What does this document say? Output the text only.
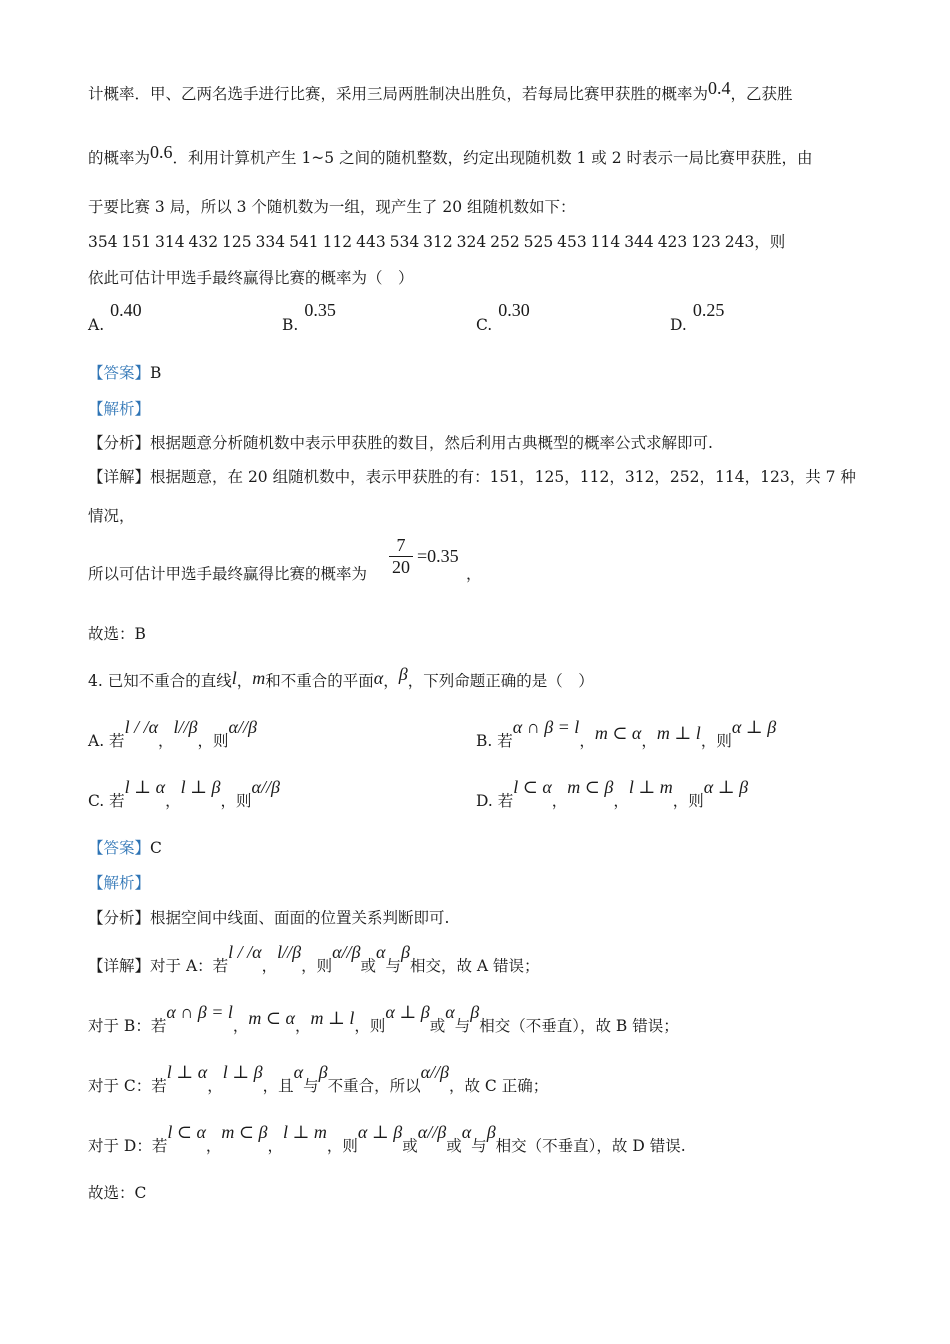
计概率．甲、乙两名选手进行比赛，采用三局两胜制决出胜负，若每局比赛甲获胜的概率为0.4，乙获胜
的概率为0.6．利用计算机产生 1~5 之间的随机整数，约定出现随机数 1 或 2 时表示一局比赛甲获胜，由
于要比赛 3 局，所以 3 个随机数为一组，现产生了 20 组随机数如下：
354 151 314 432 125 334 541 112 443 534 312 324 252 525 453 114 344 423 123 243，则
依此可估计甲选手最终赢得比赛的概率为（　）
A.0.40
B.0.35
C.0.30
D.0.25
【答案】B
【解析】
【分析】根据题意分析随机数中表示甲获胜的数目，然后利用古典概型的概率公式求解即可.
【详解】根据题意，在 20 组随机数中，表示甲获胜的有：151，125，112，312，252，114，123，共 7 种
情况，
所以可估计甲选手最终赢得比赛的概率为
7
20
=0.35
，
故选：B
4. 已知不重合的直线l，m和不重合的平面α，β，下列命题正确的是（　）
A. 若l / /α，l//β，则α//β
B. 若α ∩ β = l，m ⊂ α，m ⊥ l，则α ⊥ β
C. 若l ⊥ α，l ⊥ β，则α//β
D. 若l ⊂ α，m ⊂ β，l ⊥ m，则α ⊥ β
【答案】C
【解析】
【分析】根据空间中线面、面面的位置关系判断即可.
【详解】对于 A：若l / /α，l//β，则α//β或α与β相交，故 A 错误；
对于 B：若α ∩ β = l，m ⊂ α，m ⊥ l，则α ⊥ β或α与β相交（不垂直），故 B 错误；
对于 C：若l ⊥ α，l ⊥ β，且α与β不重合，所以α//β，故 C 正确；
对于 D：若l ⊂ α，m ⊂ β，l ⊥ m，则α ⊥ β或α//β或α与β相交（不垂直），故 D 错误.
故选：C
